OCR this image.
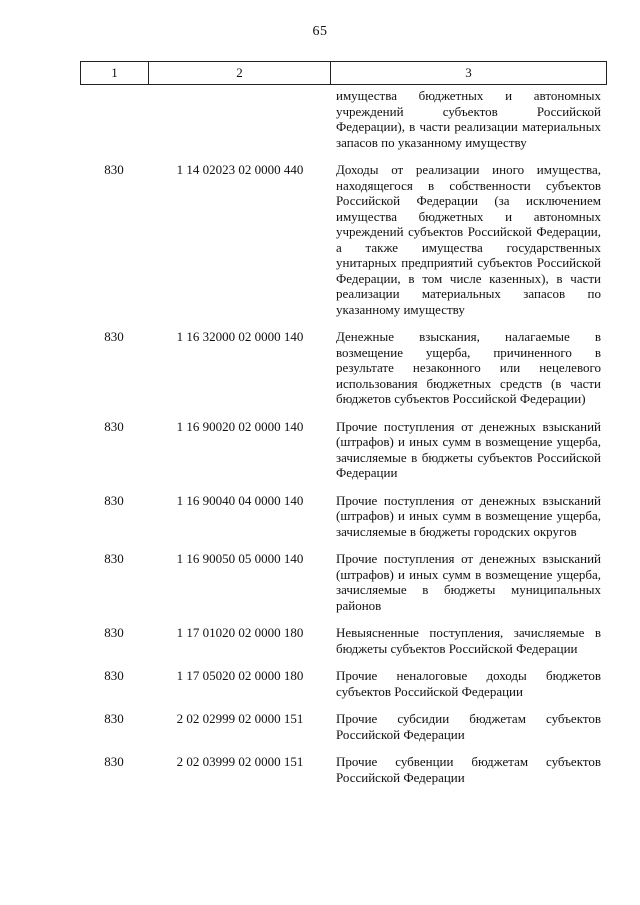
65
1	2	3
имущества бюджетных и автономных учреждений субъектов Российской Федерации), в части реализации материальных запасов по указанному имуществу
830	1 14 02023 02 0000 440	Доходы от реализации иного имущества, находящегося в собственности субъектов Российской Федерации (за исключением имущества бюджетных и автономных учреждений субъектов Российской Федерации, а также имущества государственных унитарных предприятий субъектов Российской Федерации, в том числе казенных), в части реализации материальных запасов по указанному имуществу
830	1 16 32000 02 0000 140	Денежные взыскания, налагаемые в возмещение ущерба, причиненного в результате незаконного или нецелевого использования бюджетных средств (в части бюджетов субъектов Российской Федерации)
830	1 16 90020 02 0000 140	Прочие поступления от денежных взысканий (штрафов) и иных сумм в возмещение ущерба, зачисляемые в бюджеты субъектов Российской Федерации
830	1 16 90040 04 0000 140	Прочие поступления от денежных взысканий (штрафов) и иных сумм в возмещение ущерба, зачисляемые в бюджеты городских округов
830	1 16 90050 05 0000 140	Прочие поступления от денежных взысканий (штрафов) и иных сумм в возмещение ущерба, зачисляемые в бюджеты муниципальных районов
830	1 17 01020 02 0000 180	Невыясненные поступления, зачисляемые в бюджеты субъектов Российской Федерации
830	1 17 05020 02 0000 180	Прочие неналоговые доходы бюджетов субъектов Российской Федерации
830	2 02 02999 02 0000 151	Прочие субсидии бюджетам субъектов Российской Федерации
830	2 02 03999 02 0000 151	Прочие субвенции бюджетам субъектов Российской Федерации
